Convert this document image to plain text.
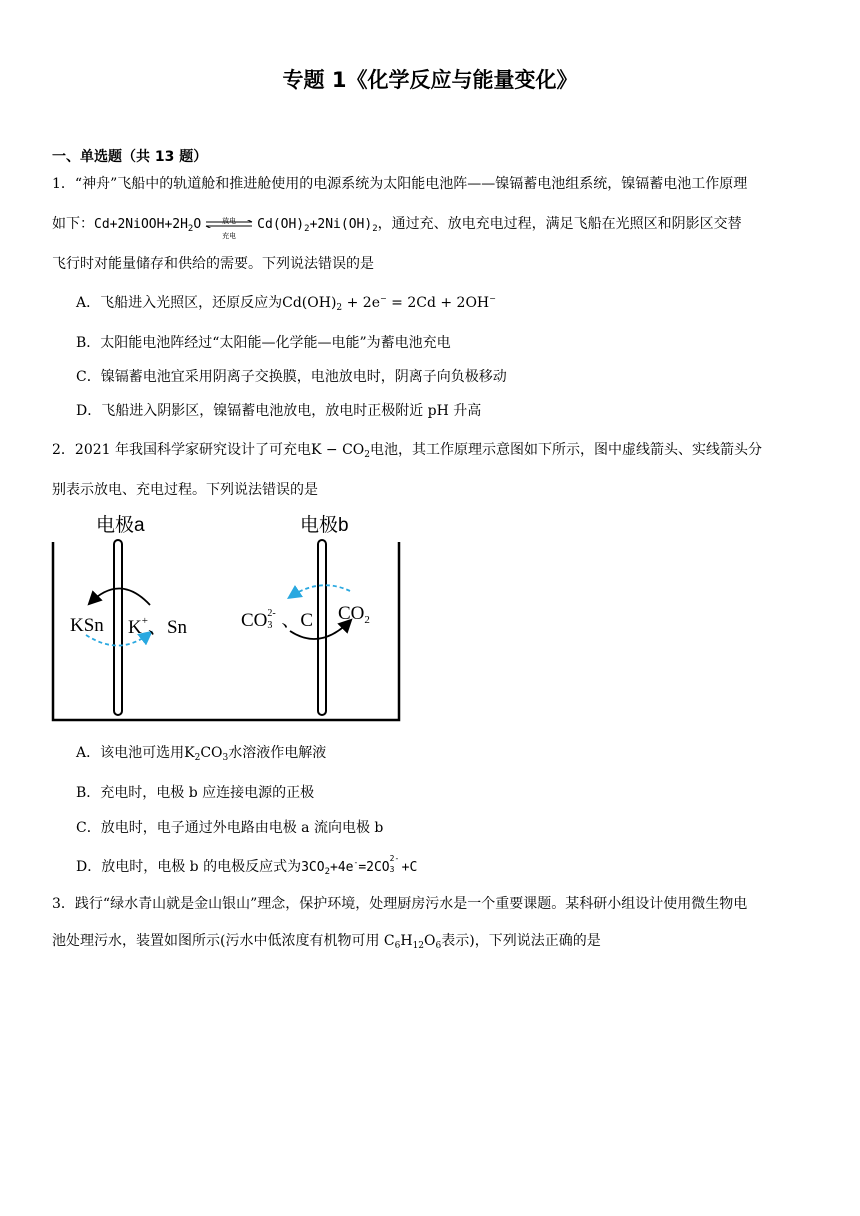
专题 1《化学反应与能量变化》
一、单选题（共 13 题）
1．“神舟”飞船中的轨道舱和推进舱使用的电源系统为太阳能电池阵——镍镉蓄电池组系统，镍镉蓄电池工作原理
如下：$Cd+2NiOOH+2H_2O$	放电
充电
$Cd(OH)_2+2Ni(OH)_2$，通过充、放电充电过程，满足飞船在光照区和阴影区交替
飞行时对能量储存和供给的需要。下列说法错误的是
A．飞船进入光照区，还原反应为$Cd(OH)_2 + 2e^- = 2Cd + 2OH^-$
B．太阳能电池阵经过“太阳能—化学能—电能”为蓄电池充电
C．镍镉蓄电池宜采用阴离子交换膜，电池放电时，阴离子向负极移动
D．飞船进入阴影区，镍镉蓄电池放电，放电时正极附近 pH 升高
2．2021 年我国科学家研究设计了可充电$K - CO_2$电池，其工作原理示意图如下所示，图中虚线箭头、实线箭头分
别表示放电、充电过程。下列说法错误的是
电极a	电极b
KSn K+、Sn	CO 2-
3 、C $CO_2$
A．该电池可选用$K_2CO_3$水溶液作电解液
B．充电时，电极 b 应连接电源的正极
C．放电时，电子通过外电路由电极 a 流向电极 b
D．放电时，电极 b 的电极反应式为$3CO_2+4e^-=2CO$
2-
3 +C
3．践行“绿水青山就是金山银山”理念，保护环境，处理厨房污水是一个重要课题。某科研小组设计使用微生物电
池处理污水，装置如图所示(污水中低浓度有机物可用 $C_6H_{12}O_6$表示)，下列说法正确的是
